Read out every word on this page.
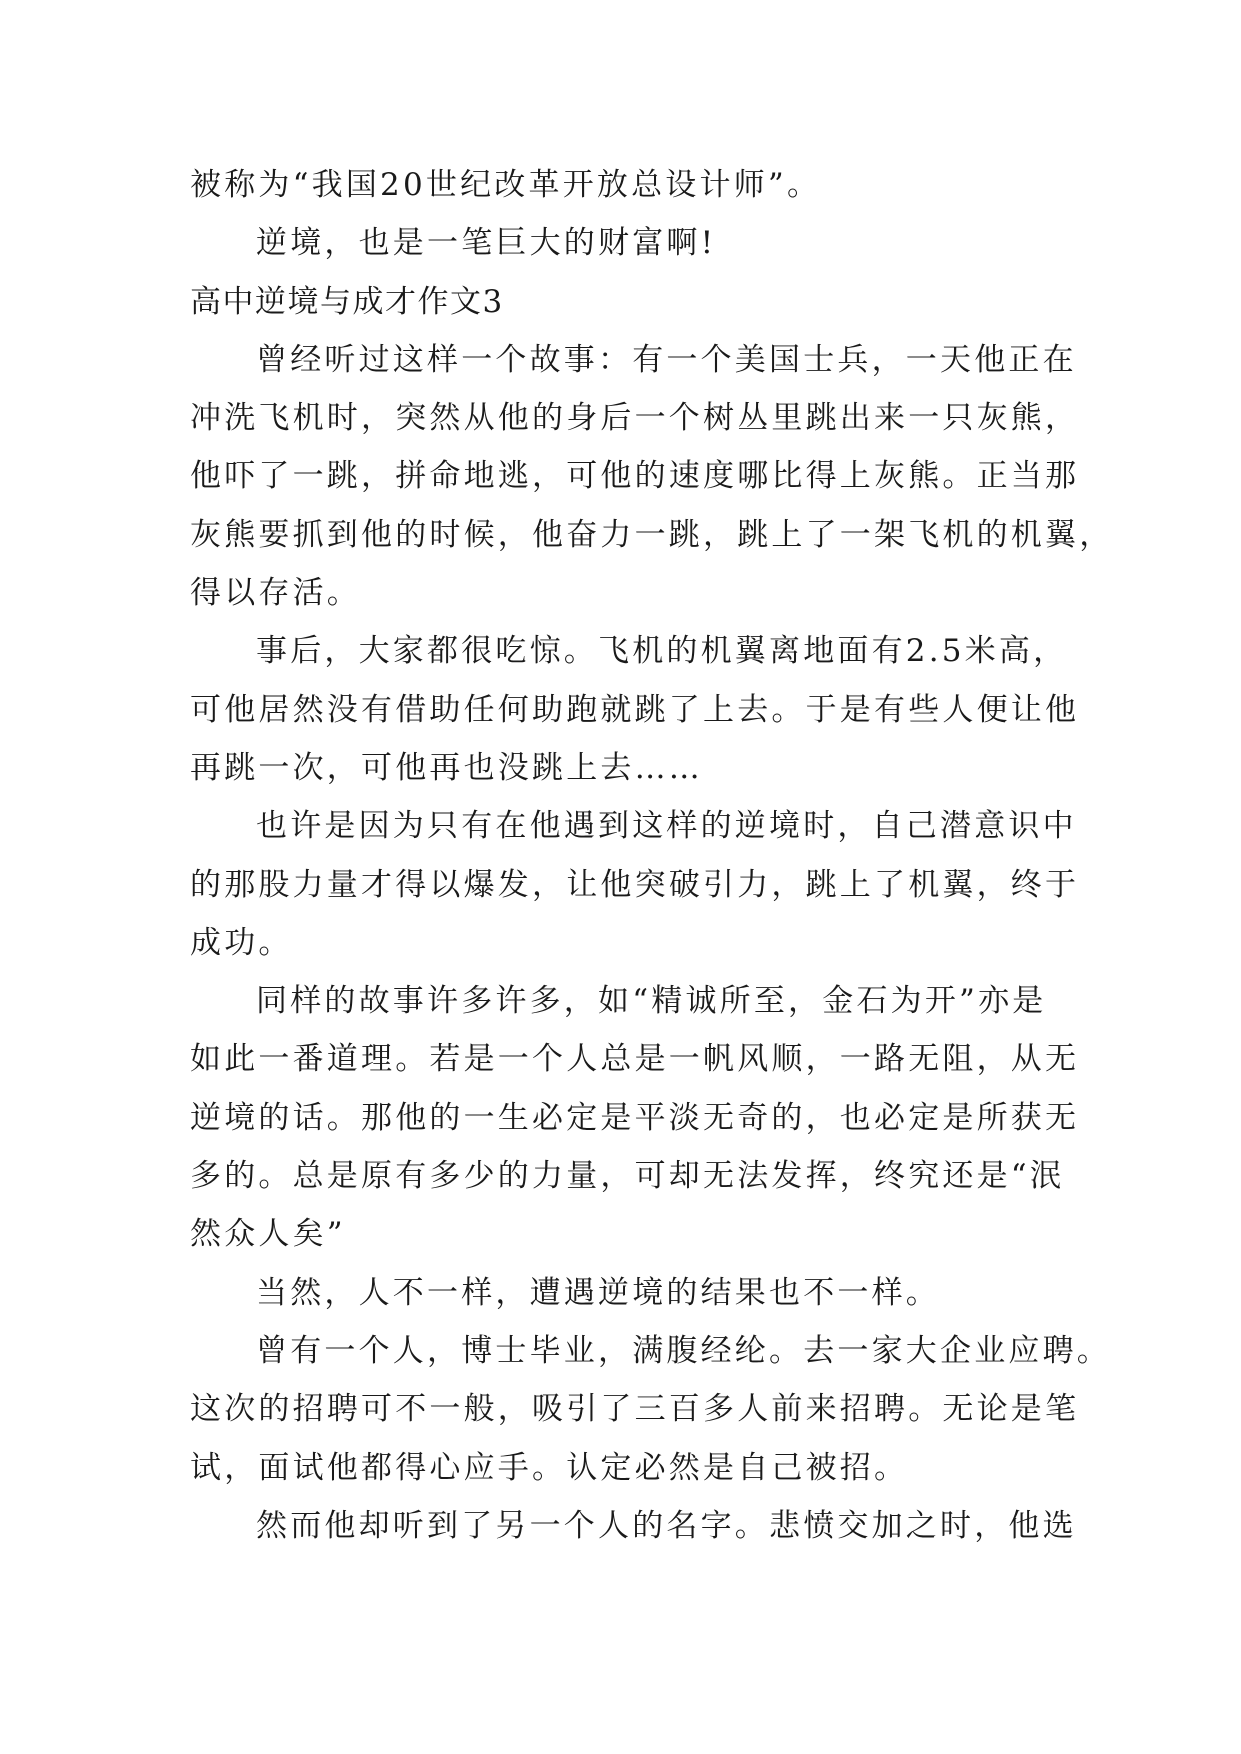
被称为“我国20世纪改革开放总设计师”。
逆境，也是一笔巨大的财富啊!
高中逆境与成才作文3
曾经听过这样一个故事：有一个美国士兵，一天他正在
冲洗飞机时，突然从他的身后一个树丛里跳出来一只灰熊，
他吓了一跳，拼命地逃，可他的速度哪比得上灰熊。正当那
灰熊要抓到他的时候，他奋力一跳，跳上了一架飞机的机翼，
得以存活。
事后，大家都很吃惊。飞机的机翼离地面有2.5米高，
可他居然没有借助任何助跑就跳了上去。于是有些人便让他
再跳一次，可他再也没跳上去……
也许是因为只有在他遇到这样的逆境时，自己潜意识中
的那股力量才得以爆发，让他突破引力，跳上了机翼，终于
成功。
同样的故事许多许多，如“精诚所至，金石为开”亦是
如此一番道理。若是一个人总是一帆风顺，一路无阻，从无
逆境的话。那他的一生必定是平淡无奇的，也必定是所获无
多的。总是原有多少的力量，可却无法发挥，终究还是“泯
然众人矣”
当然，人不一样，遭遇逆境的结果也不一样。
曾有一个人，博士毕业，满腹经纶。去一家大企业应聘。
这次的招聘可不一般，吸引了三百多人前来招聘。无论是笔
试，面试他都得心应手。认定必然是自己被招。
然而他却听到了另一个人的名字。悲愤交加之时，他选
